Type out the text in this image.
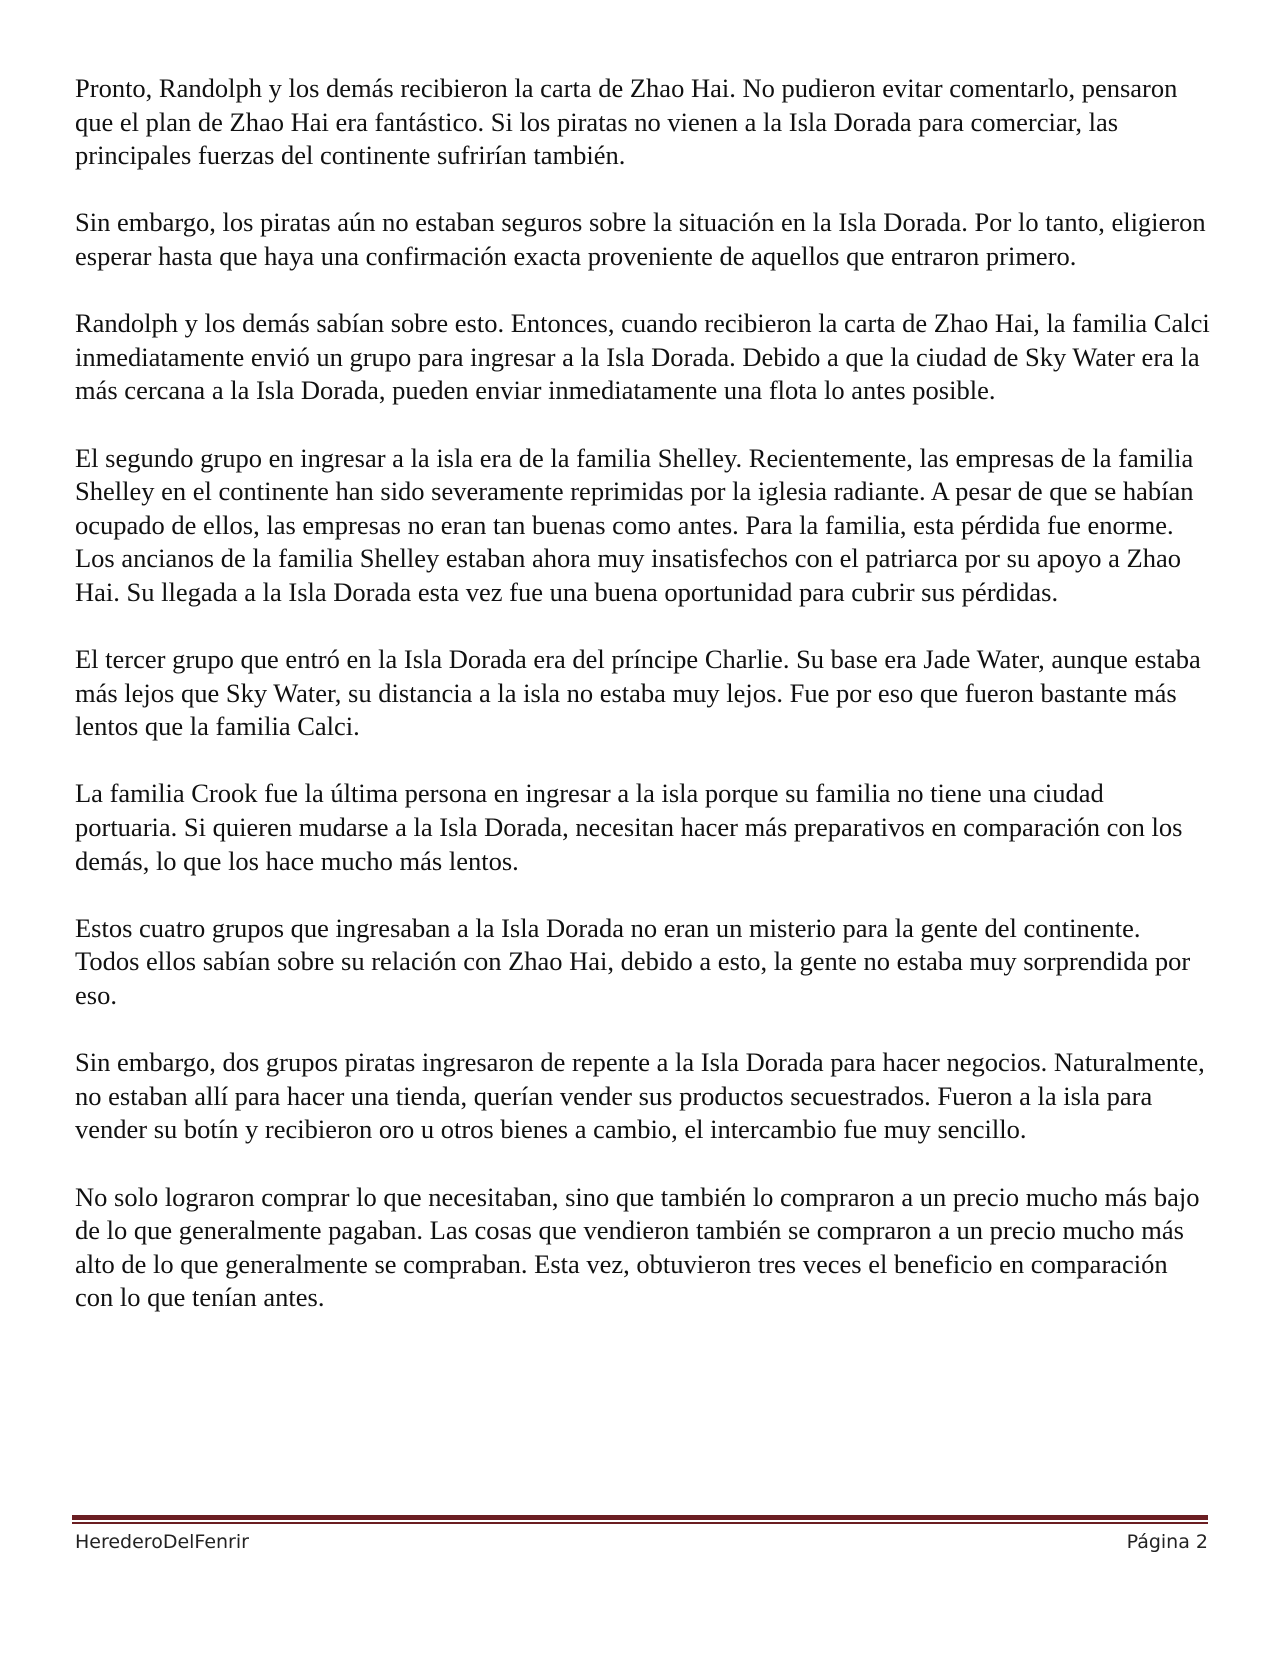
Pronto, Randolph y los demás recibieron la carta de Zhao Hai. No pudieron evitar comentarlo, pensaron que el plan de Zhao Hai era fantástico. Si los piratas no vienen a la Isla Dorada para comerciar, las principales fuerzas del continente sufrirían también.

Sin embargo, los piratas aún no estaban seguros sobre la situación en la Isla Dorada. Por lo tanto, eligieron esperar hasta que haya una confirmación exacta proveniente de aquellos que entraron primero.

Randolph y los demás sabían sobre esto. Entonces, cuando recibieron la carta de Zhao Hai, la familia Calci inmediatamente envió un grupo para ingresar a la Isla Dorada. Debido a que la ciudad de Sky Water era la más cercana a la Isla Dorada, pueden enviar inmediatamente una flota lo antes posible.

El segundo grupo en ingresar a la isla era de la familia Shelley. Recientemente, las empresas de la familia Shelley en el continente han sido severamente reprimidas por la iglesia radiante. A pesar de que se habían ocupado de ellos, las empresas no eran tan buenas como antes. Para la familia, esta pérdida fue enorme. Los ancianos de la familia Shelley estaban ahora muy insatisfechos con el patriarca por su apoyo a Zhao Hai. Su llegada a la Isla Dorada esta vez fue una buena oportunidad para cubrir sus pérdidas.

El tercer grupo que entró en la Isla Dorada era del príncipe Charlie. Su base era Jade Water, aunque estaba más lejos que Sky Water, su distancia a la isla no estaba muy lejos. Fue por eso que fueron bastante más lentos que la familia Calci.

La familia Crook fue la última persona en ingresar a la isla porque su familia no tiene una ciudad portuaria. Si quieren mudarse a la Isla Dorada, necesitan hacer más preparativos en comparación con los demás, lo que los hace mucho más lentos.

Estos cuatro grupos que ingresaban a la Isla Dorada no eran un misterio para la gente del continente. Todos ellos sabían sobre su relación con Zhao Hai, debido a esto, la gente no estaba muy sorprendida por eso.

Sin embargo, dos grupos piratas ingresaron de repente a la Isla Dorada para hacer negocios. Naturalmente, no estaban allí para hacer una tienda, querían vender sus productos secuestrados. Fueron a la isla para vender su botín y recibieron oro u otros bienes a cambio, el intercambio fue muy sencillo.

No solo lograron comprar lo que necesitaban, sino que también lo compraron a un precio mucho más bajo de lo que generalmente pagaban. Las cosas que vendieron también se compraron a un precio mucho más alto de lo que generalmente se compraban. Esta vez, obtuvieron tres veces el beneficio en comparación con lo que tenían antes.

HerederoDelFenrir	Página 2
